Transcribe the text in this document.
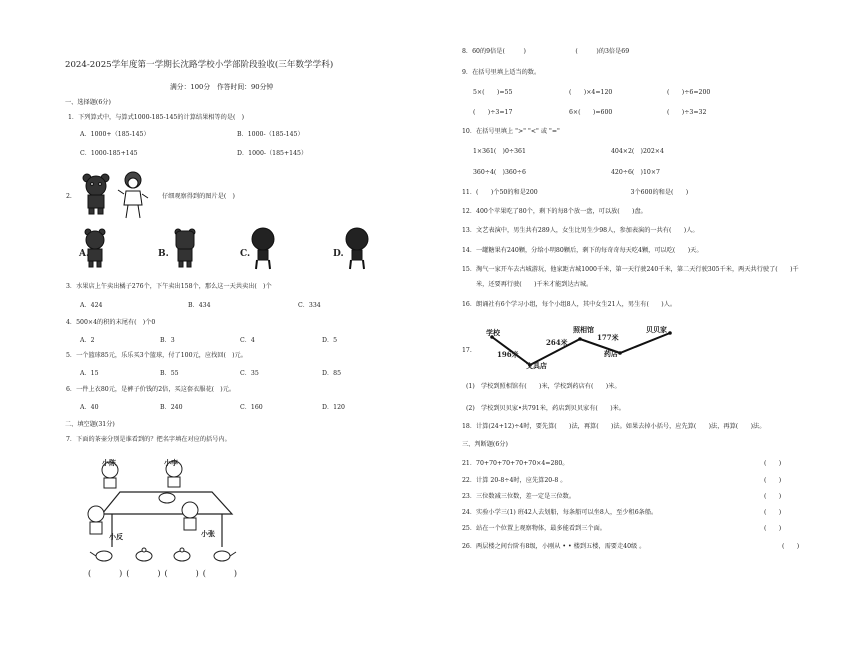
2024-2025学年度第一学期长沈路学校小学部阶段验收(三年数学学科)
满分：100分　作答时间：90分钟
一、选择题(6分)
1．下列算式中，与算式1000-185-145的计算结果相等的是(　)
A．1000+（185-145）	B．1000-（185-145）
C．1000-185+145	D．1000-（185+145）
2.	仔细观察得到的图片是(　)
A.	B.	C.	D.
3．水果店上午卖出橘子276个，下午卖出158个，那么这一天共卖出(　)个
A．424	B．434	C．334
4．500×4的积的末尾有(　)个0
A．2	B．3	C．4	D．5
5．一个篮球85元，乐乐买3个篮球，付了100元，应找回(　)元。
A．15	B．55	C．35	D．85
6．一件上衣80元，是裤子价钱的2倍，买这套衣服花(　)元。
A．40	B．240	C．160	D．120
二、填空题(31分)
7．下面的茶壶分别是谁看到的？把名字填在对应的括号内。
小陈	小李
小反	小张
(　　)(　　)(　　)(　　)
8．60的9倍是(　　　)　　　　　　　　(　　　)的3倍是69
9．在括号里填上适当的数。
5×(　　)=55	(　　)×4=120	(　　)÷6=200
(　　)÷3=17	6×(　　)=600	(　　)÷3=32
10．在括号里填上 ">" "<" 或 "="
1×361(　)0÷361	404×2(　)202×4
360÷4(　)360÷6	420÷6(　)10×7
11．(　　)个50的和是200　　　　　　　　　　　　　　　3个600的和是(　　)
12．400个苹果吃了80个，剩下的每8个放一盘，可以放(　　)盘。
13．文艺表演中，男生共有289人，女生比男生少98人，参加表演的一共有(　　)人。
14．一罐糖果有240颗，分给小明80颗后，剩下的每奇奇每天吃4颗，可以吃(　　)天。
15．淘气一家开车去古城游玩，他家距古城1000千米，第一天行驶240千米，第二天行驶305千米，两天共行驶了(　　)千
米，还要再行驶(　　)千米才能到达古城。
16．朗诵社有6个学习小组，每个小组8人，其中女生21人，男生有(　　)人。
17.
学校	照相馆	贝贝家
196米
264米
177米
药店
文具店
(1)　学校到照相馆有(　　)米，学校到药店有(　　)米。
(2)　学校到贝贝家•共791米，药店到贝贝家有(　　)米。
18．计算(24+12)÷4时，要先算(　　)法，再算(　　)法。如果去掉小括号，应先算(　　)法，再算(　　)法。
三、判断题(6分)
21．70+70+70+70+70×4=280。	(　　)
22．计算 20-8÷4时，应先算20-8 。	(　　)
23．三位数减三位数，差一定是三位数。	(　　)
24．实验小学三(1) 班42人去划船，每条船可以坐8人，至少租6条船。	(　　)
25．站在一个位置上观察物体，最多能看到三个面。	(　　)
26．两层楼之间台阶有8级，小刚从 • • 楼到五楼，需要走40级 。	(　　)
